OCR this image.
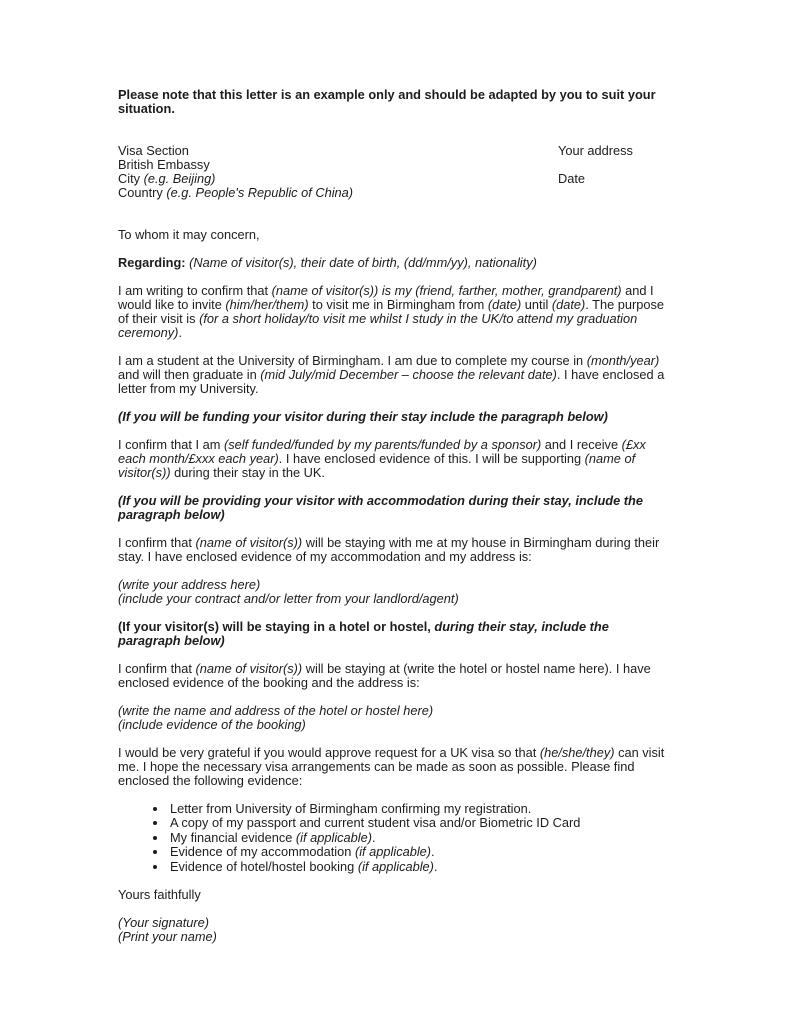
Please note that this letter is an example only and should be adapted by you to suit your situation.

Visa Section
British Embassy
City (e.g. Beijing)
Country (e.g. People's Republic of China)
Your address
Date

To whom it may concern,

Regarding: (Name of visitor(s), their date of birth, (dd/mm/yy), nationality)

I am writing to confirm that (name of visitor(s)) is my (friend, farther, mother, grandparent) and I would like to invite (him/her/them) to visit me in Birmingham from (date) until (date). The purpose of their visit is (for a short holiday/to visit me whilst I study in the UK/to attend my graduation ceremony).

I am a student at the University of Birmingham. I am due to complete my course in (month/year) and will then graduate in (mid July/mid December – choose the relevant date). I have enclosed a letter from my University.

(If you will be funding your visitor during their stay include the paragraph below)

I confirm that I am (self funded/funded by my parents/funded by a sponsor) and I receive (£xx each month/£xxx each year). I have enclosed evidence of this. I will be supporting (name of visitor(s)) during their stay in the UK.

(If you will be providing your visitor with accommodation during their stay, include the paragraph below)

I confirm that (name of visitor(s)) will be staying with me at my house in Birmingham during their stay. I have enclosed evidence of my accommodation and my address is:

(write your address here)
(include your contract and/or letter from your landlord/agent)

(If your visitor(s) will be staying in a hotel or hostel, during their stay, include the paragraph below)

I confirm that (name of visitor(s)) will be staying at (write the hotel or hostel name here). I have enclosed evidence of the booking and the address is:

(write the name and address of the hotel or hostel here)
(include evidence of the booking)

I would be very grateful if you would approve request for a UK visa so that (he/she/they) can visit me. I hope the necessary visa arrangements can be made as soon as possible. Please find enclosed the following evidence:

• Letter from University of Birmingham confirming my registration.
• A copy of my passport and current student visa and/or Biometric ID Card
• My financial evidence (if applicable).
• Evidence of my accommodation (if applicable).
• Evidence of hotel/hostel booking (if applicable).

Yours faithfully

(Your signature)
(Print your name)
